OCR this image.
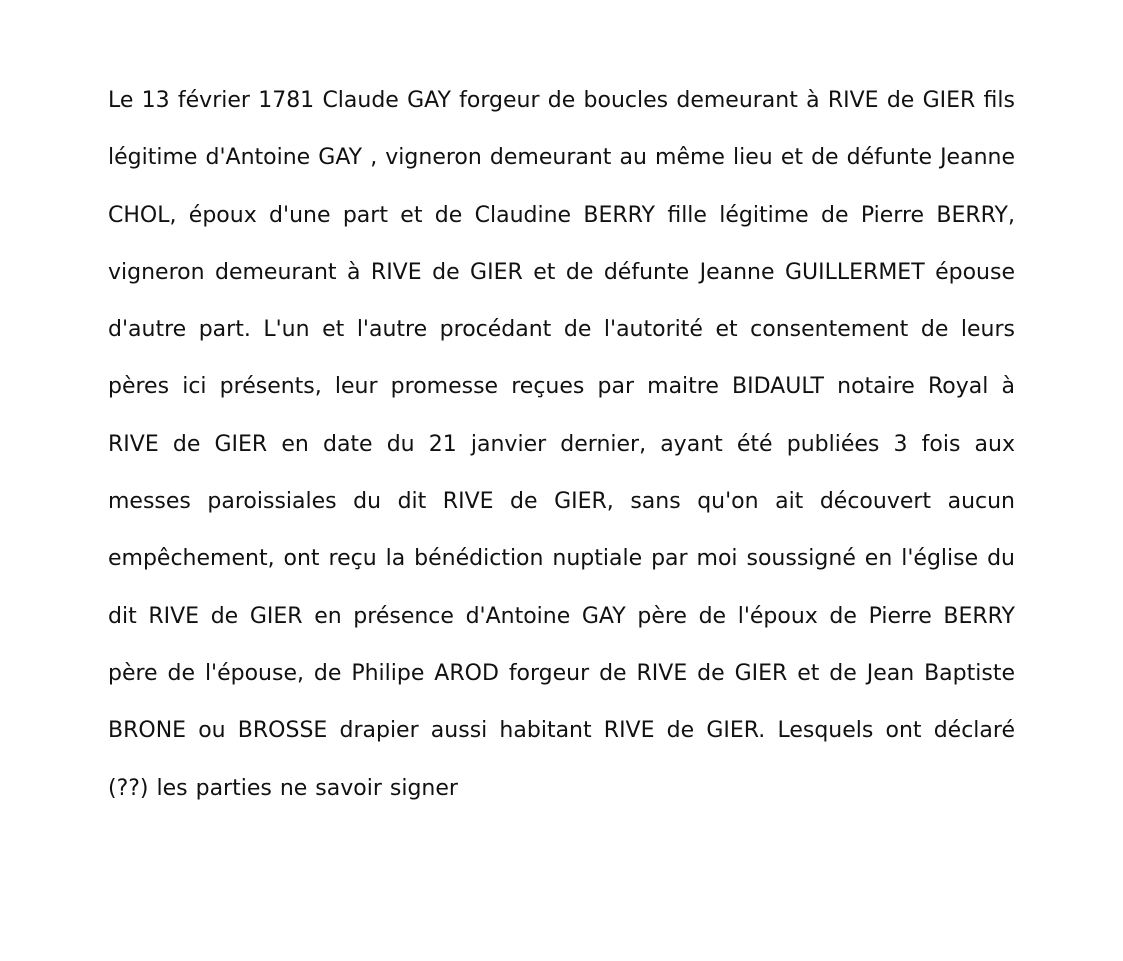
Le 13 février 1781 Claude GAY forgeur de boucles demeurant à RIVE de GIER fils légitime d'Antoine GAY , vigneron demeurant au même lieu et de défunte Jeanne CHOL, époux d'une part et de Claudine BERRY fille légitime de Pierre BERRY, vigneron demeurant à RIVE de GIER et de défunte Jeanne GUILLERMET épouse d'autre part. L'un et l'autre procédant de l'autorité et consentement de leurs pères ici présents, leur promesse reçues par maitre BIDAULT notaire Royal à RIVE de GIER en date du 21 janvier dernier, ayant été publiées 3 fois aux messes paroissiales du dit RIVE de GIER, sans qu'on ait découvert aucun empêchement, ont reçu la bénédiction nuptiale par moi soussigné en l'église du dit RIVE de GIER en présence d'Antoine GAY père de l'époux de Pierre BERRY père de l'épouse, de Philipe AROD forgeur de RIVE de GIER et de Jean Baptiste BRONE ou BROSSE drapier aussi habitant RIVE de GIER. Lesquels ont déclaré (??) les parties ne savoir signer
